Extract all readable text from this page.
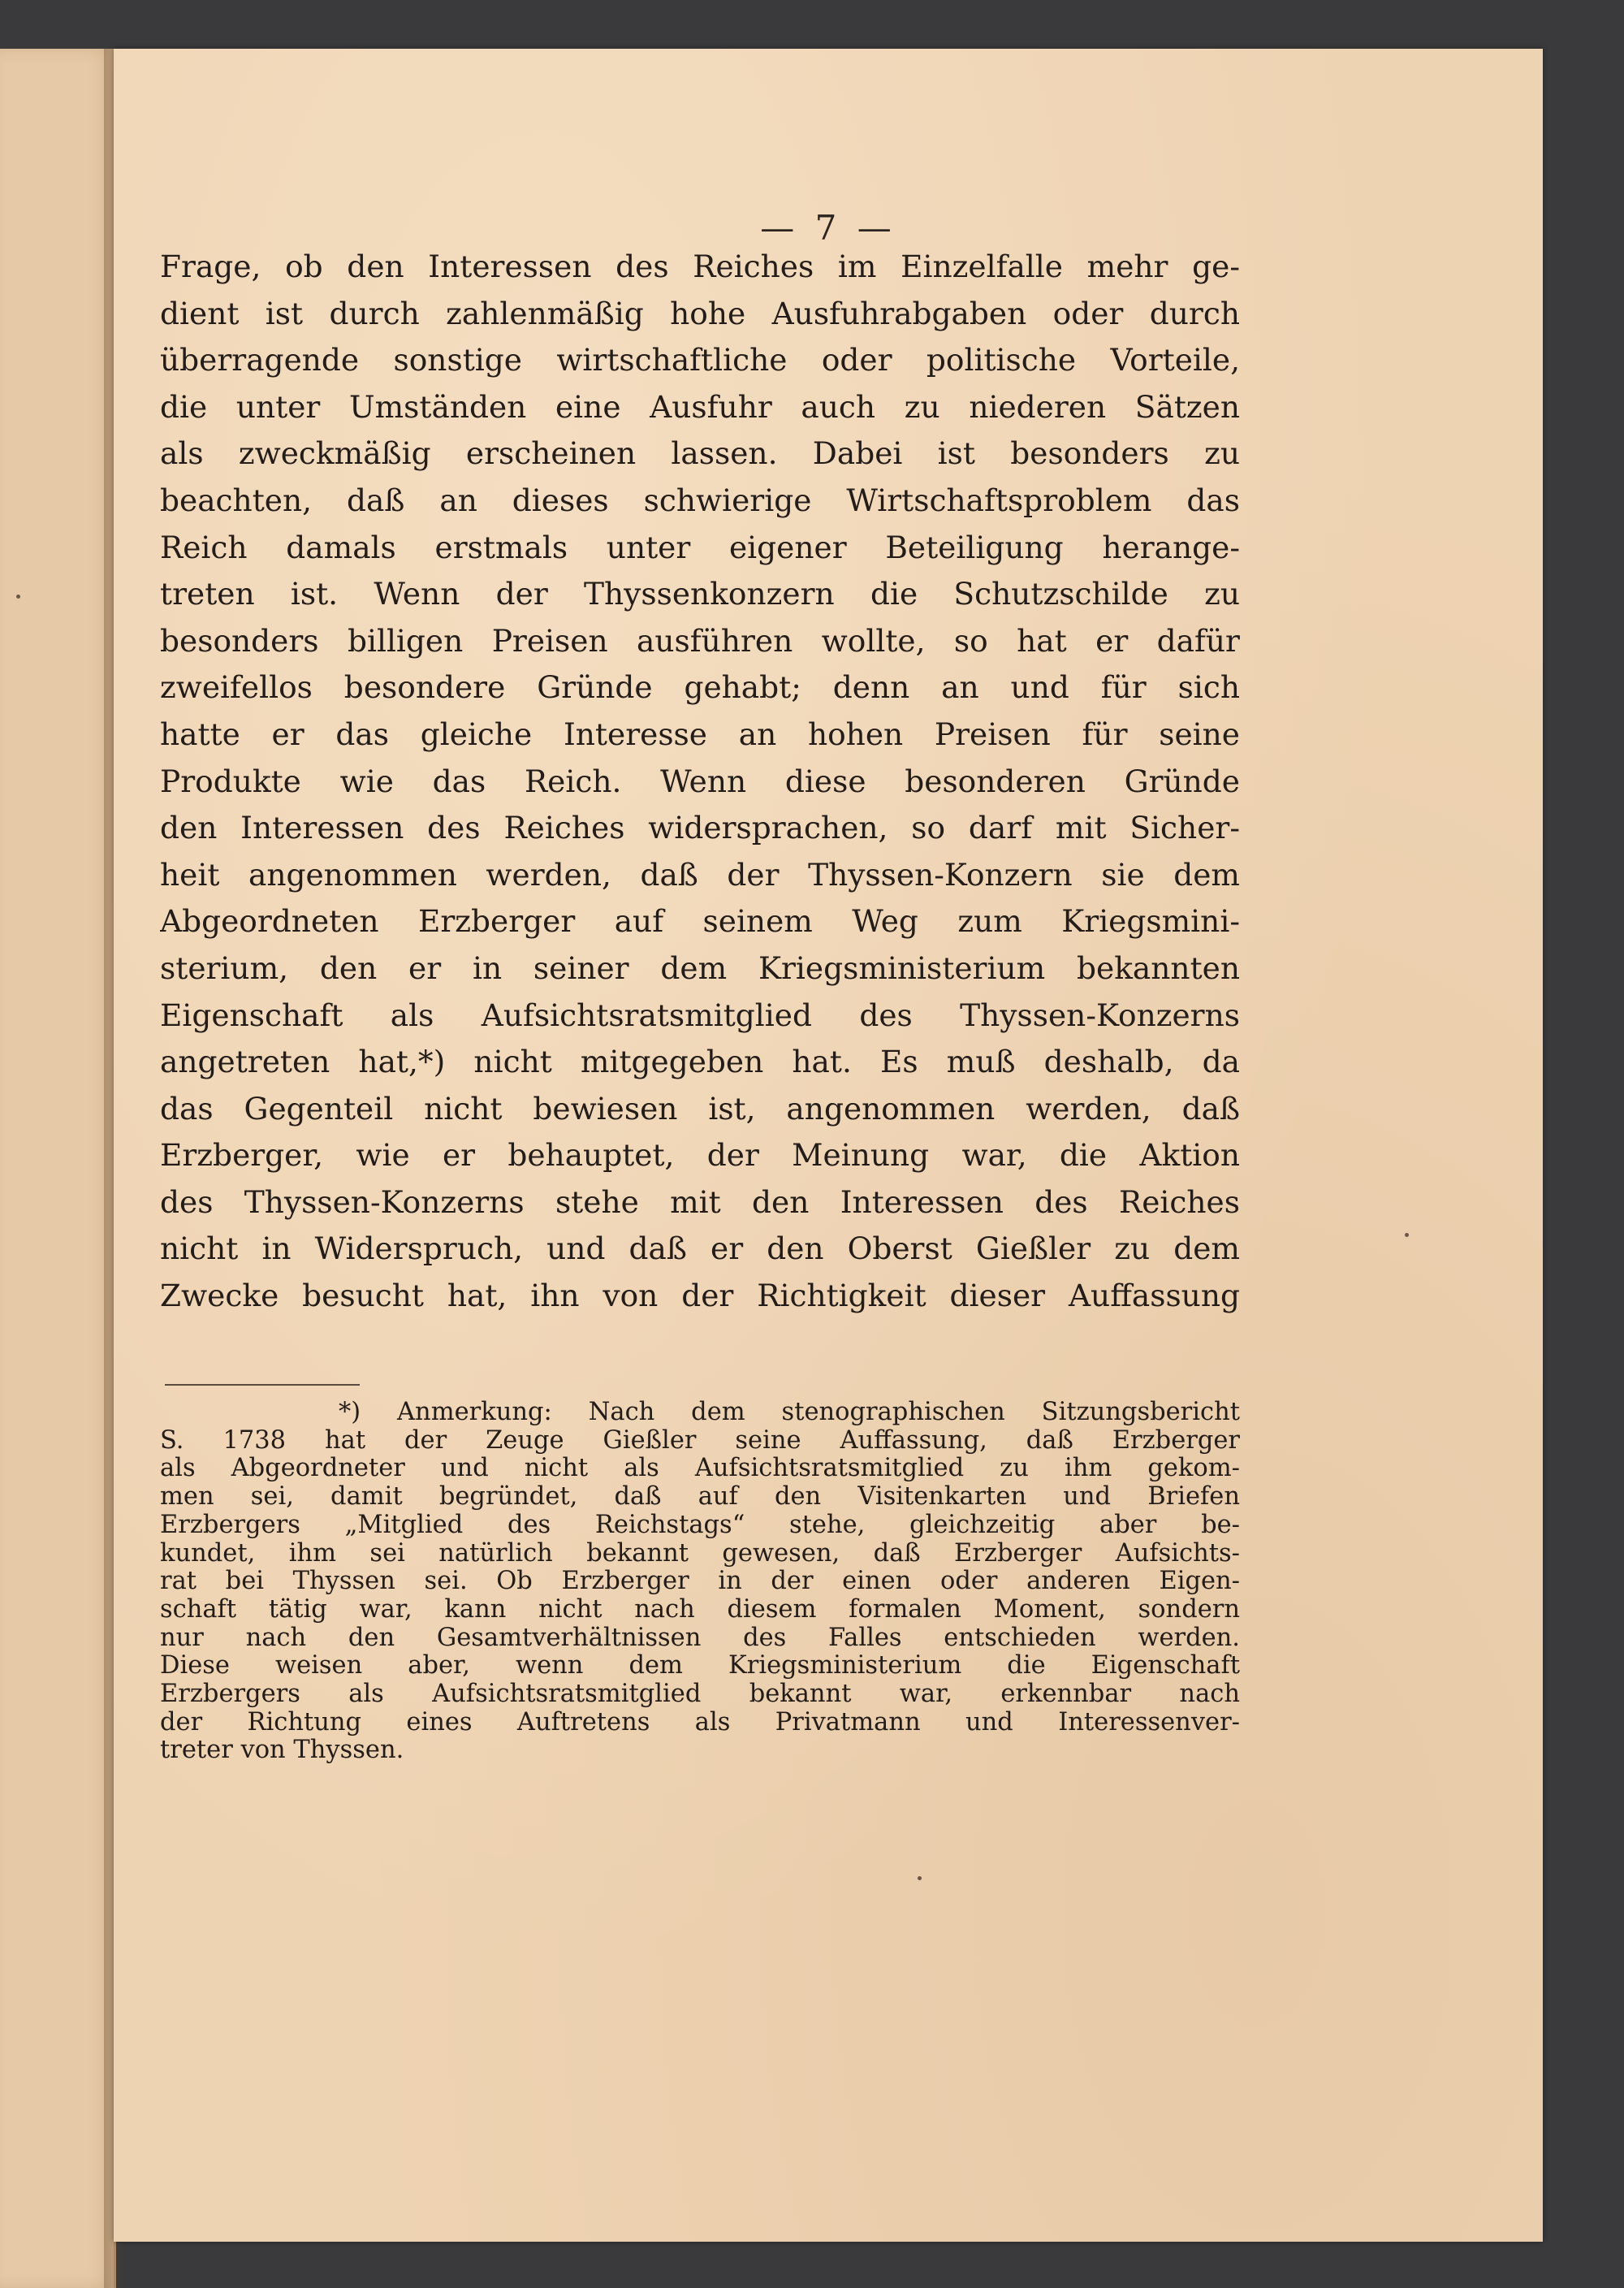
— 7 —
Frage, ob den Interessen des Reiches im Einzelfalle mehr ge-
dient ist durch zahlenmäßig hohe Ausfuhrabgaben oder durch
überragende sonstige wirtschaftliche oder politische Vorteile,
die unter Umständen eine Ausfuhr auch zu niederen Sätzen
als zweckmäßig erscheinen lassen. Dabei ist besonders zu
beachten, daß an dieses schwierige Wirtschaftsproblem das
Reich damals erstmals unter eigener Beteiligung herange-
treten ist. Wenn der Thyssenkonzern die Schutzschilde zu
besonders billigen Preisen ausführen wollte, so hat er dafür
zweifellos besondere Gründe gehabt; denn an und für sich
hatte er das gleiche Interesse an hohen Preisen für seine
Produkte wie das Reich. Wenn diese besonderen Gründe
den Interessen des Reiches widersprachen, so darf mit Sicher-
heit angenommen werden, daß der Thyssen-Konzern sie dem
Abgeordneten Erzberger auf seinem Weg zum Kriegsmini-
sterium, den er in seiner dem Kriegsministerium bekannten
Eigenschaft als Aufsichtsratsmitglied des Thyssen-Konzerns
angetreten hat,*) nicht mitgegeben hat. Es muß deshalb, da
das Gegenteil nicht bewiesen ist, angenommen werden, daß
Erzberger, wie er behauptet, der Meinung war, die Aktion
des Thyssen-Konzerns stehe mit den Interessen des Reiches
nicht in Widerspruch, und daß er den Oberst Gießler zu dem
Zwecke besucht hat, ihn von der Richtigkeit dieser Auffassung
*) Anmerkung: Nach dem stenographischen Sitzungsbericht
S. 1738 hat der Zeuge Gießler seine Auffassung, daß Erzberger
als Abgeordneter und nicht als Aufsichtsratsmitglied zu ihm gekom-
men sei, damit begründet, daß auf den Visitenkarten und Briefen
Erzbergers „Mitglied des Reichstags“ stehe, gleichzeitig aber be-
kundet, ihm sei natürlich bekannt gewesen, daß Erzberger Aufsichts-
rat bei Thyssen sei. Ob Erzberger in der einen oder anderen Eigen-
schaft tätig war, kann nicht nach diesem formalen Moment, sondern
nur nach den Gesamtverhältnissen des Falles entschieden werden.
Diese weisen aber, wenn dem Kriegsministerium die Eigenschaft
Erzbergers als Aufsichtsratsmitglied bekannt war, erkennbar nach
der Richtung eines Auftretens als Privatmann und Interessenver-
treter von Thyssen.
